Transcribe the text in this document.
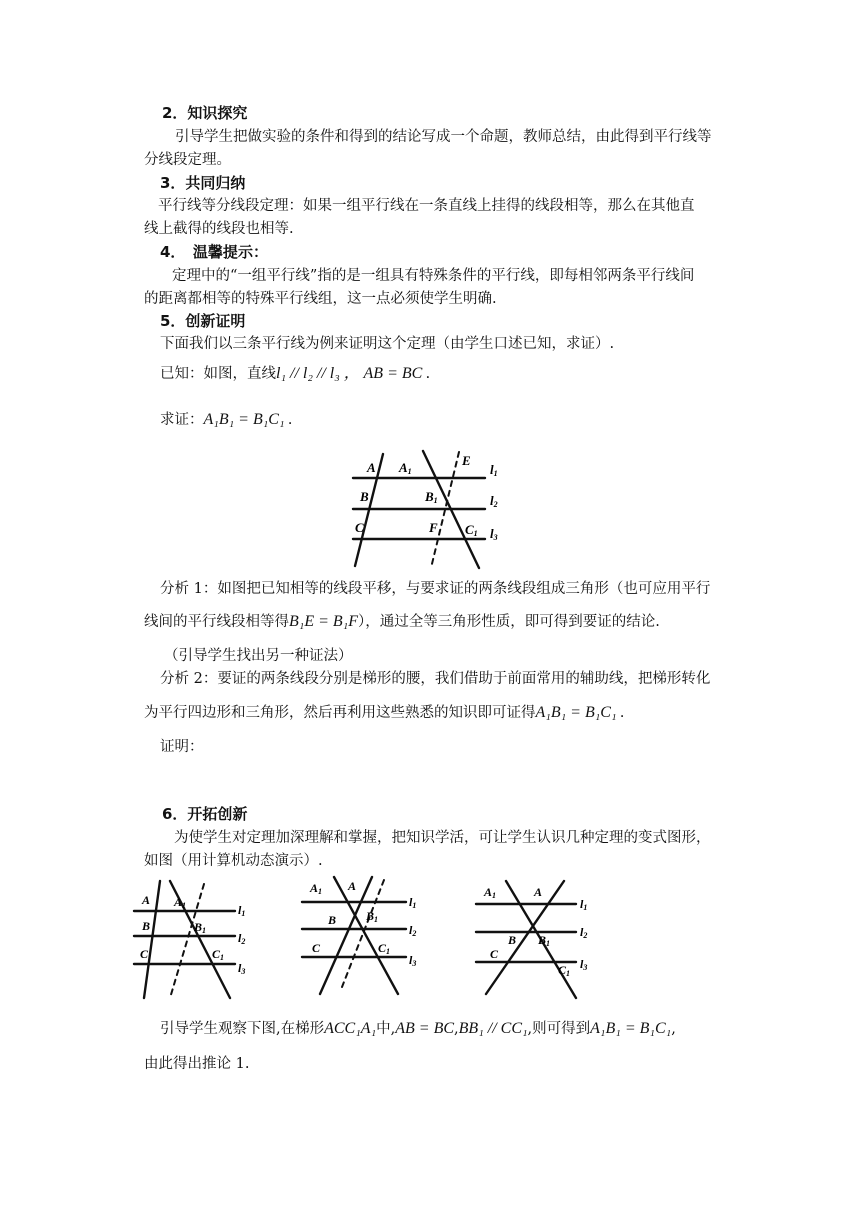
2．知识探究
引导学生把做实验的条件和得到的结论写成一个命题，教师总结，由此得到平行线等
分线段定理。
3．共同归纳
平行线等分线段定理：如果一组平行线在一条直线上挂得的线段相等，那么在其他直
线上截得的线段也相等.
4．　温馨提示：
定理中的“一组平行线”指的是一组具有特殊条件的平行线，即每相邻两条平行线间
的距离都相等的特殊平行线组，这一点必须使学生明确.
5．创新证明
下面我们以三条平行线为例来证明这个定理（由学生口述已知，求证）.
已知：如图，直线l₁ // l₂ // l₃ ， AB = BC .
求证：A₁B₁ = B₁C₁ .
A A1
E
l1
B	B1	l2
C	F C1 l3
分析 1：如图把已知相等的线段平移，与要求证的两条线段组成三角形（也可应用平行
线间的平行线段相等得B₁E = B₁F），通过全等三角形性质，即可得到要证的结论.
（引导学生找出另一种证法）
分析 2：要证的两条线段分别是梯形的腰，我们借助于前面常用的辅助线，把梯形转化
为平行四边形和三角形，然后再利用这些熟悉的知识即可证得A₁B₁ = B₁C₁ .
证明：
6．开拓创新
为使学生对定理加深理解和掌握，把知识学活，可让学生认识几种定理的变式图形，
如图（用计算机动态演示）.
A A1
B	B1
C	C1
l1
l2
l3
A1 A
B B1
C	C1
l1
l2
l3
A1	A
B B1
C
C1
l1
l2
l3
引导学生观察下图,在梯形ACC₁A₁中,AB = BC,BB₁ // CC₁,则可得到A₁B₁ = B₁C₁,
由此得出推论 1.
